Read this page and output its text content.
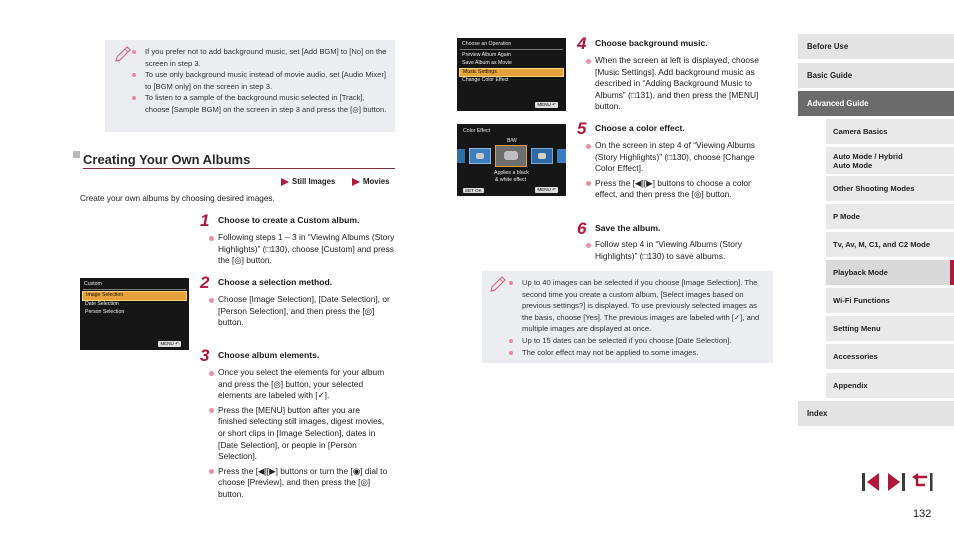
If you prefer not to add background music, set [Add BGM] to [No] on the screen in step 3.
To use only background music instead of movie audio, set [Audio Mixer] to [BGM only] on the screen in step 3.
To listen to a sample of the background music selected in [Track], choose [Sample BGM] on the screen in step 3 and press the [◎] button.
Creating Your Own Albums
Still Images	Movies
Create your own albums by choosing desired images.
1 Choose to create a Custom album.
Following steps 1 – 3 in “Viewing Albums (Story Highlights)” (□130), choose [Custom] and press the [◎] button.
Custom
Image Selection
Date Selection
Person Selection
MENU ↶
2 Choose a selection method.
Choose [Image Selection], [Date Selection], or [Person Selection], and then press the [◎] button.
3 Choose album elements.
Once you select the elements for your album and press the [◎] button, your selected elements are labeled with [✓].
Press the [MENU] button after you are finished selecting still images, digest movies, or short clips in [Image Selection], dates in [Date Selection], or people in [Person Selection].
Press the [◀][▶] buttons or turn the [◉] dial to choose [Preview], and then press the [◎] button.
Choose an Operation
Preview Album Again
Save Album as Movie
Music Settings
Change Color Effect
MENU ↶
Color Effect
B/W
Applies a black
& white effect
SET OK	MENU ↶
4 Choose background music.
When the screen at left is displayed, choose [Music Settings]. Add background music as described in “Adding Background Music to Albums” (□131), and then press the [MENU] button.
5 Choose a color effect.
On the screen in step 4 of “Viewing Albums (Story Highlights)” (□130), choose [Change Color Effect].
Press the [◀][▶] buttons to choose a color effect, and then press the [◎] button.
6 Save the album.
Follow step 4 in “Viewing Albums (Story Highlights)” (□130) to save albums.
Up to 40 images can be selected if you choose [Image Selection]. The second time you create a custom album, [Select images based on previous settings?] is displayed. To use previously selected images as the basis, choose [Yes]. The previous images are labeled with [✓], and multiple images are displayed at once.
Up to 15 dates can be selected if you choose [Date Selection].
The color effect may not be applied to some images.
Before Use
Basic Guide
Advanced Guide
Camera Basics
Auto Mode / Hybrid Auto Mode
Other Shooting Modes
P Mode
Tv, Av, M, C1, and C2 Mode
Playback Mode
Wi-Fi Functions
Setting Menu
Accessories
Appendix
Index
132
